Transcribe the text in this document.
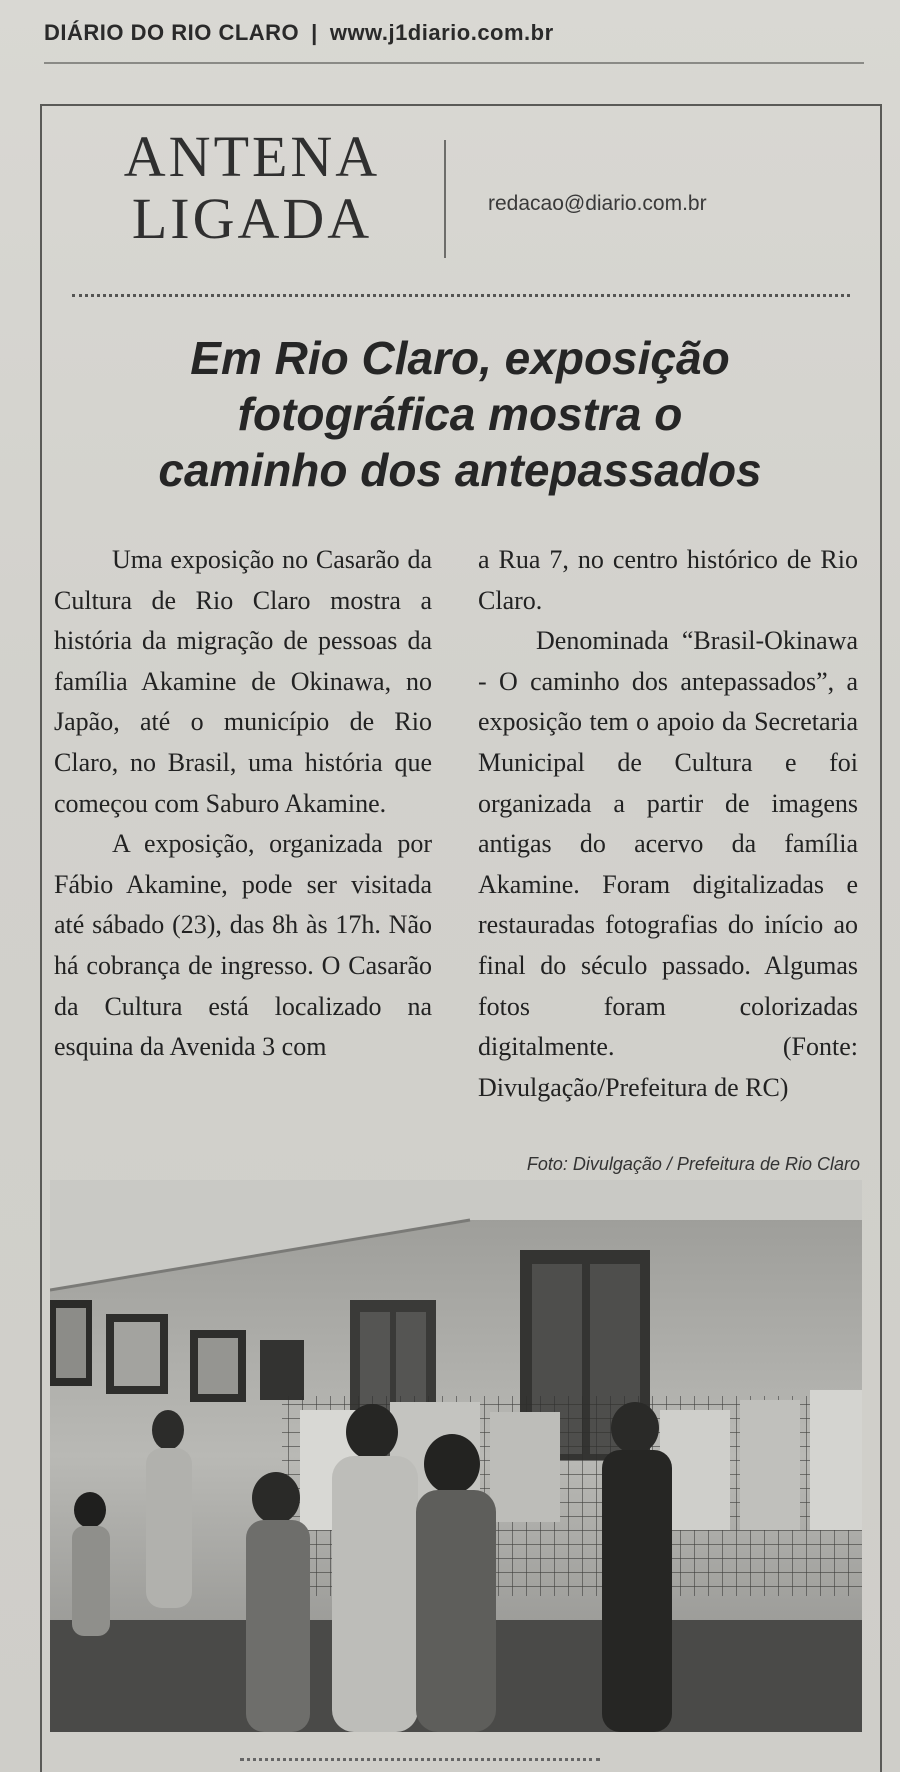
DIÁRIO DO RIO CLARO | www.j1diario.com.br
ANTENA
LIGADA	redacao@diario.com.br
Em Rio Claro, exposição
fotográfica mostra o
caminho dos antepassados

Uma exposição no Casarão da Cultura de Rio Claro mostra a história da migração de pessoas da família Akamine de Okinawa, no Japão, até o município de Rio Claro, no Brasil, uma história que começou com Saburo Akamine.

A exposição, organizada por Fábio Akamine, pode ser visitada até sábado (23), das 8h às 17h. Não há cobrança de ingresso. O Casarão da Cultura está localizado na esquina da Avenida 3 com

a Rua 7, no centro histórico de Rio Claro.

Denominada “Brasil-Okinawa - O caminho dos antepassados”, a exposição tem o apoio da Secretaria Municipal de Cultura e foi organizada a partir de imagens antigas do acervo da família Akamine. Foram digitalizadas e restauradas fotografias do início ao final do século passado. Algumas fotos foram colorizadas digitalmente. (Fonte: Divulgação/Prefeitura de RC)

Foto: Divulgação / Prefeitura de Rio Claro
